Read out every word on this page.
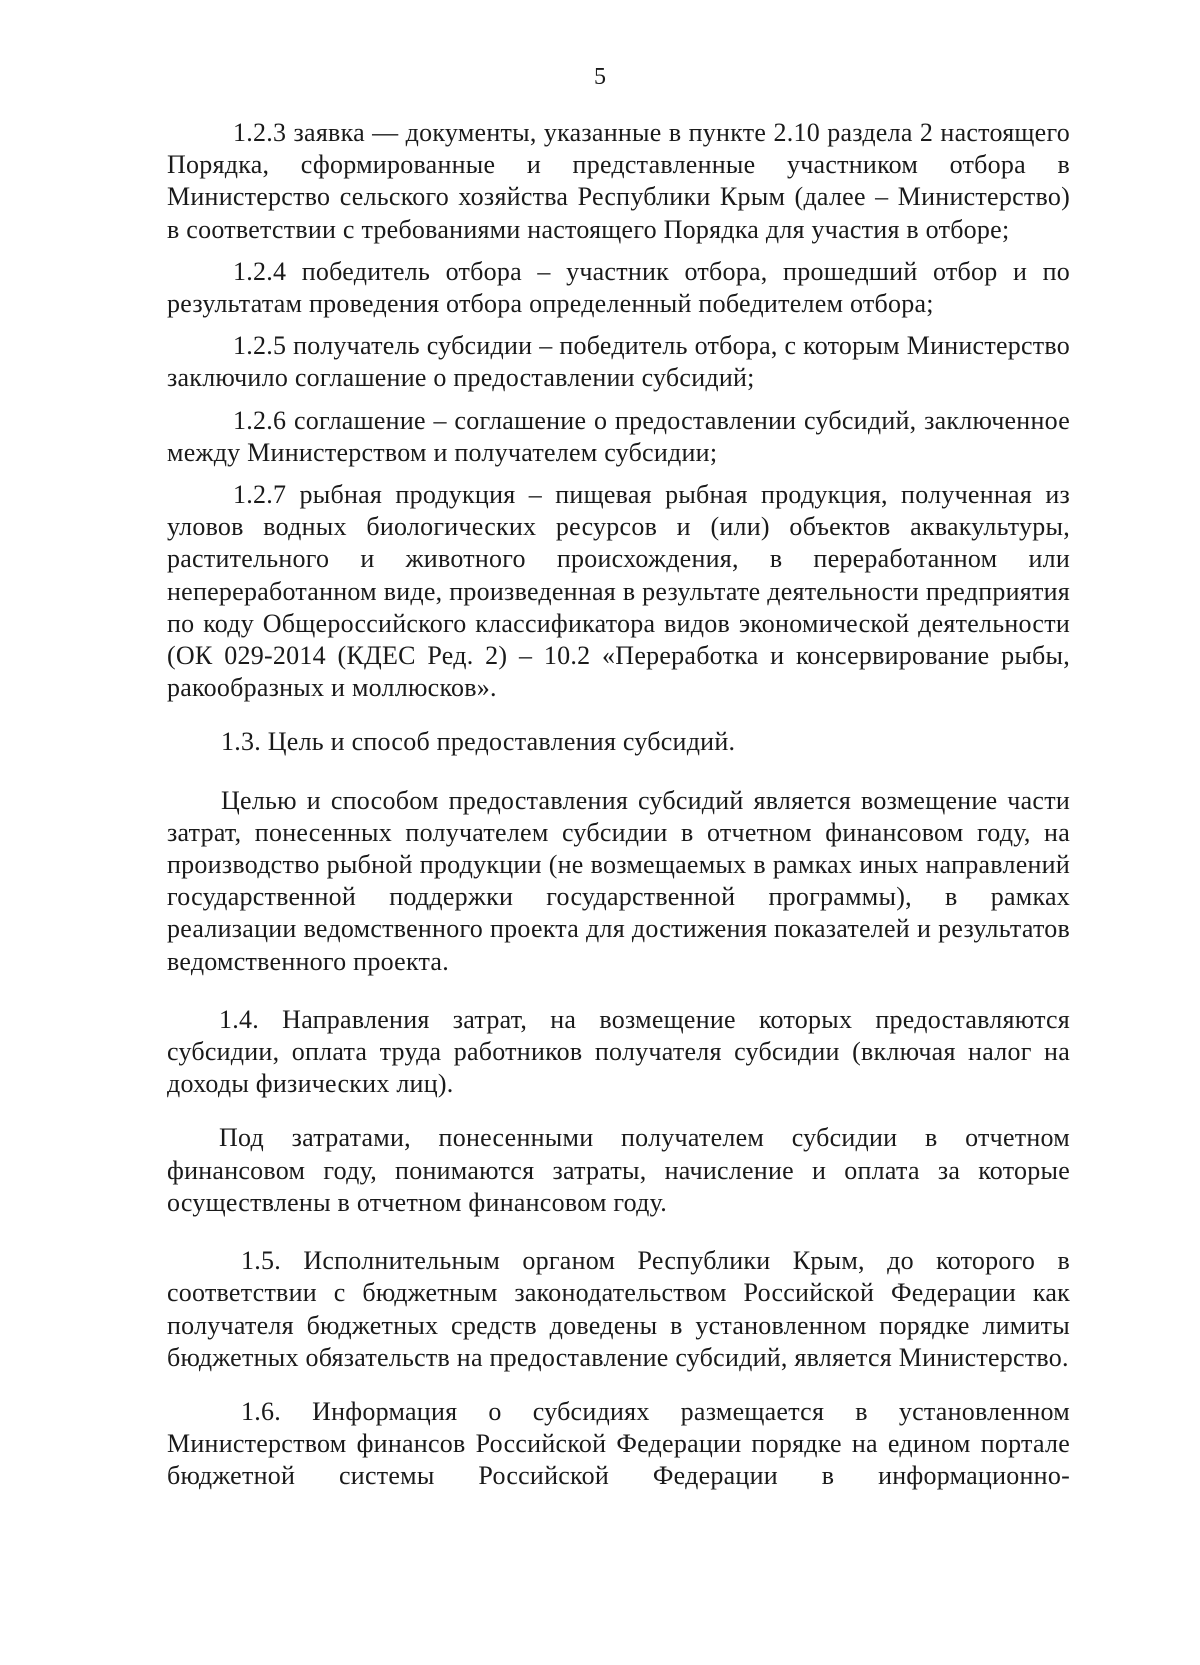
5

1.2.3 заявка — документы, указанные в пункте 2.10 раздела 2 настоящего Порядка, сформированные и представленные участником отбора в Министерство сельского хозяйства Республики Крым (далее – Министерство) в соответствии с требованиями настоящего Порядка для участия в отборе;

1.2.4 победитель отбора – участник отбора, прошедший отбор и по результатам проведения отбора определенный победителем отбора;

1.2.5 получатель субсидии – победитель отбора, с которым Министерство заключило соглашение о предоставлении субсидий;

1.2.6 соглашение – соглашение о предоставлении субсидий, заключенное между Министерством и получателем субсидии;

1.2.7 рыбная продукция – пищевая рыбная продукция, полученная из уловов водных биологических ресурсов и (или) объектов аквакультуры, растительного и животного происхождения, в переработанном или непереработанном виде, произведенная в результате деятельности предприятия по коду Общероссийского классификатора видов экономической деятельности (ОК 029-2014 (КДЕС Ред. 2) – 10.2 «Переработка и консервирование рыбы, ракообразных и моллюсков».

1.3. Цель и способ предоставления субсидий.

Целью и способом предоставления субсидий является возмещение части затрат, понесенных получателем субсидии в отчетном финансовом году, на производство рыбной продукции (не возмещаемых в рамках иных направлений государственной поддержки государственной программы), в рамках реализации ведомственного проекта для достижения показателей и результатов ведомственного проекта.

1.4. Направления затрат, на возмещение которых предоставляются субсидии, оплата труда работников получателя субсидии (включая налог на доходы физических лиц).

Под затратами, понесенными получателем субсидии в отчетном финансовом году, понимаются затраты, начисление и оплата за которые осуществлены в отчетном финансовом году.

1.5. Исполнительным органом Республики Крым, до которого в соответствии с бюджетным законодательством Российской Федерации как получателя бюджетных средств доведены в установленном порядке лимиты бюджетных обязательств на предоставление субсидий, является Министерство.

1.6. Информация о субсидиях размещается в установленном Министерством финансов Российской Федерации порядке на едином портале бюджетной системы Российской Федерации в информационно-
